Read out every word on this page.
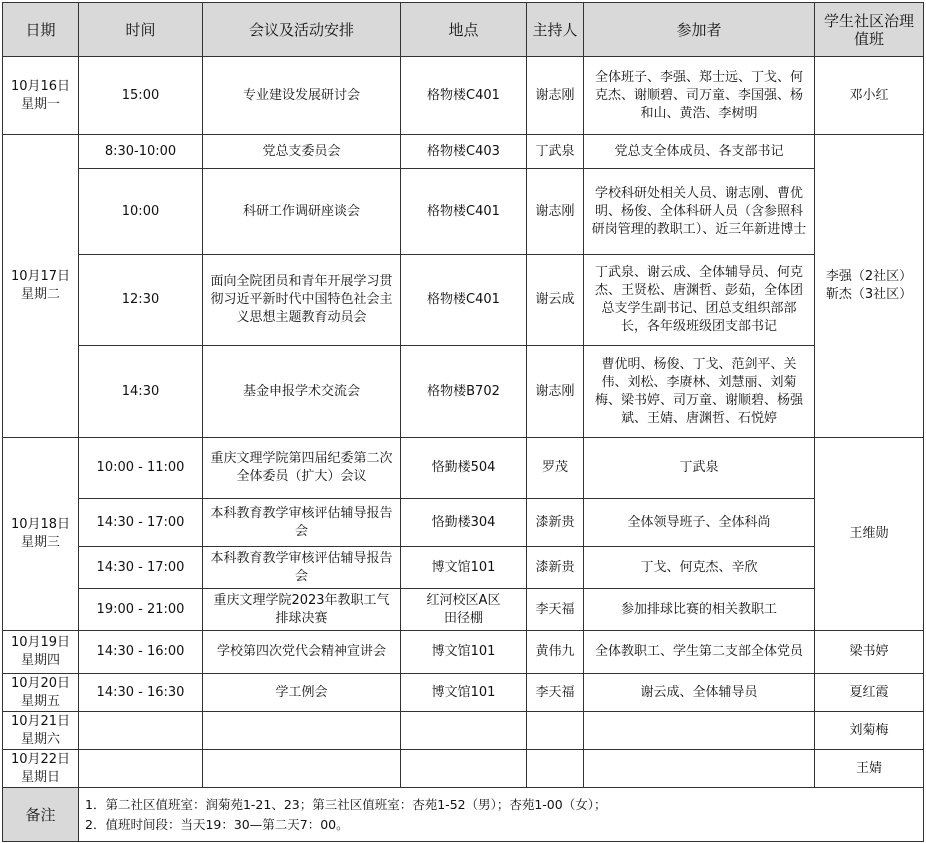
日期	时间	会议及活动安排	地点	主持人	参加者	学生社区治理值班
10月16日
星期一	15:00	专业建设发展研讨会	格物楼C401	谢志刚	全体班子、李强、郑士远、丁戈、何克杰、谢顺碧、司万童、李国强、杨和山、黄浩、李树明	邓小红
10月17日
星期二	8:30-10:00	党总支委员会	格物楼C403	丁武泉	党总支全体成员、各支部书记	李强（2社区）
靳杰（3社区）
	10:00	科研工作调研座谈会	格物楼C401	谢志刚	学校科研处相关人员、谢志刚、曹优明、杨俊、全体科研人员（含参照科研岗管理的教职工）、近三年新进博士	
	12:30	面向全院团员和青年开展学习贯彻习近平新时代中国特色社会主义思想主题教育动员会	格物楼C401	谢云成	丁武泉、谢云成、全体辅导员、何克杰、王贤松、唐渊哲、彭茹，全体团总支学生副书记、团总支组织部部长，各年级班级团支部书记	
	14:30	基金申报学术交流会	格物楼B702	谢志刚	曹优明、杨俊、丁戈、范剑平、关伟、刘松、李赓林、刘慧丽、刘菊梅、梁书婷、司万童、谢顺碧、杨强斌、王婧、唐渊哲、石悦婷	
10月18日
星期三	10:00 - 11:00	重庆文理学院第四届纪委第二次全体委员（扩大）会议	恪勤楼504	罗茂	丁武泉	王维勋
	14:30 - 17:00	本科教育教学审核评估辅导报告会	恪勤楼304	漆新贵	全体领导班子、全体科尚	
	14:30 - 17:00	本科教育教学审核评估辅导报告会	博文馆101	漆新贵	丁戈、何克杰、辛欣	
	19:00 - 21:00	重庆文理学院2023年教职工气排球决赛	红河校区A区
田径棚	李天福	参加排球比赛的相关教职工	
10月19日
星期四	14:30 - 16:00	学校第四次党代会精神宣讲会	博文馆101	黄伟九	全体教职工、学生第二支部全体党员	梁书婷
10月20日
星期五	14:30 - 16:30	学工例会	博文馆101	李天福	谢云成、全体辅导员	夏红霞
10月21日
星期六						刘菊梅
10月22日
星期日						王婧
备注	1．第二社区值班室：润菊苑1-21、23；第三社区值班室：杏苑1-52（男）；杏苑1-00（女）；
2．值班时间段：当天19：30—第二天7：00。					
